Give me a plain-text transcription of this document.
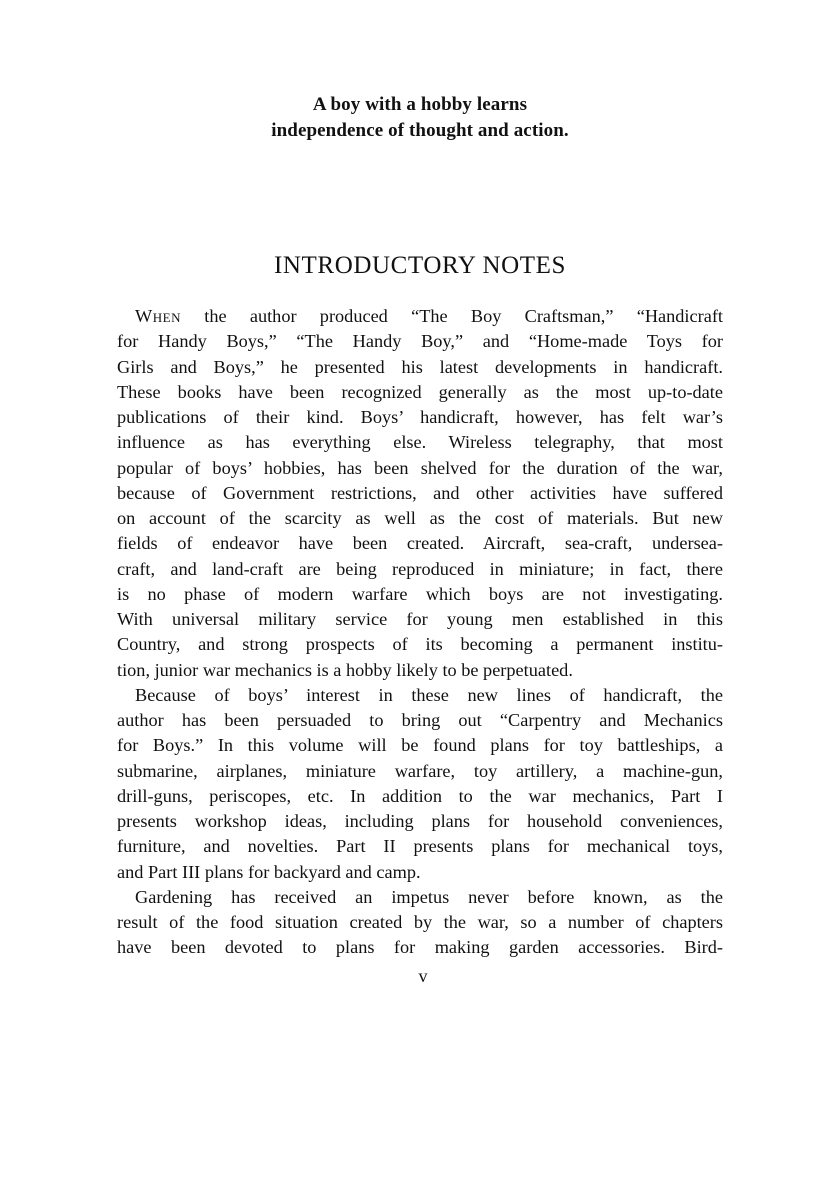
A boy with a hobby learns
independence of thought and action.
INTRODUCTORY NOTES
When the author produced “The Boy Craftsman,” “Handicraft
for Handy Boys,” “The Handy Boy,” and “Home-made Toys for
Girls and Boys,” he presented his latest developments in handicraft.
These books have been recognized generally as the most up-to-date
publications of their kind. Boys’ handicraft, however, has felt war’s
influence as has everything else. Wireless telegraphy, that most
popular of boys’ hobbies, has been shelved for the duration of the war,
because of Government restrictions, and other activities have suffered
on account of the scarcity as well as the cost of materials. But new
fields of endeavor have been created. Aircraft, sea-craft, undersea-
craft, and land-craft are being reproduced in miniature; in fact, there
is no phase of modern warfare which boys are not investigating.
With universal military service for young men established in this
Country, and strong prospects of its becoming a permanent institu-
tion, junior war mechanics is a hobby likely to be perpetuated.
Because of boys’ interest in these new lines of handicraft, the
author has been persuaded to bring out “Carpentry and Mechanics
for Boys.” In this volume will be found plans for toy battleships, a
submarine, airplanes, miniature warfare, toy artillery, a machine-gun,
drill-guns, periscopes, etc. In addition to the war mechanics, Part I
presents workshop ideas, including plans for household conveniences,
furniture, and novelties. Part II presents plans for mechanical toys,
and Part III plans for backyard and camp.
Gardening has received an impetus never before known, as the
result of the food situation created by the war, so a number of chapters
have been devoted to plans for making garden accessories. Bird-
v
